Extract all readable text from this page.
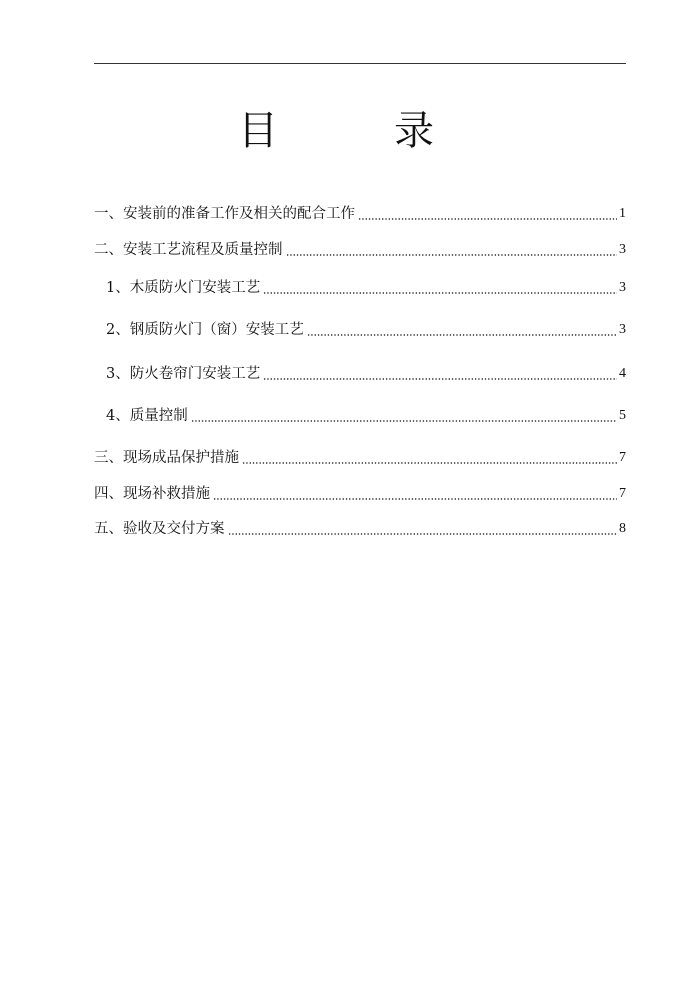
目　录
一、安装前的准备工作及相关的配合工作	1
二、安装工艺流程及质量控制	3
1、木质防火门安装工艺	3
2、钢质防火门（窗）安装工艺	3
3、防火卷帘门安装工艺	4
4、质量控制	5
三、现场成品保护措施	7
四、现场补救措施	7
五、验收及交付方案	8
